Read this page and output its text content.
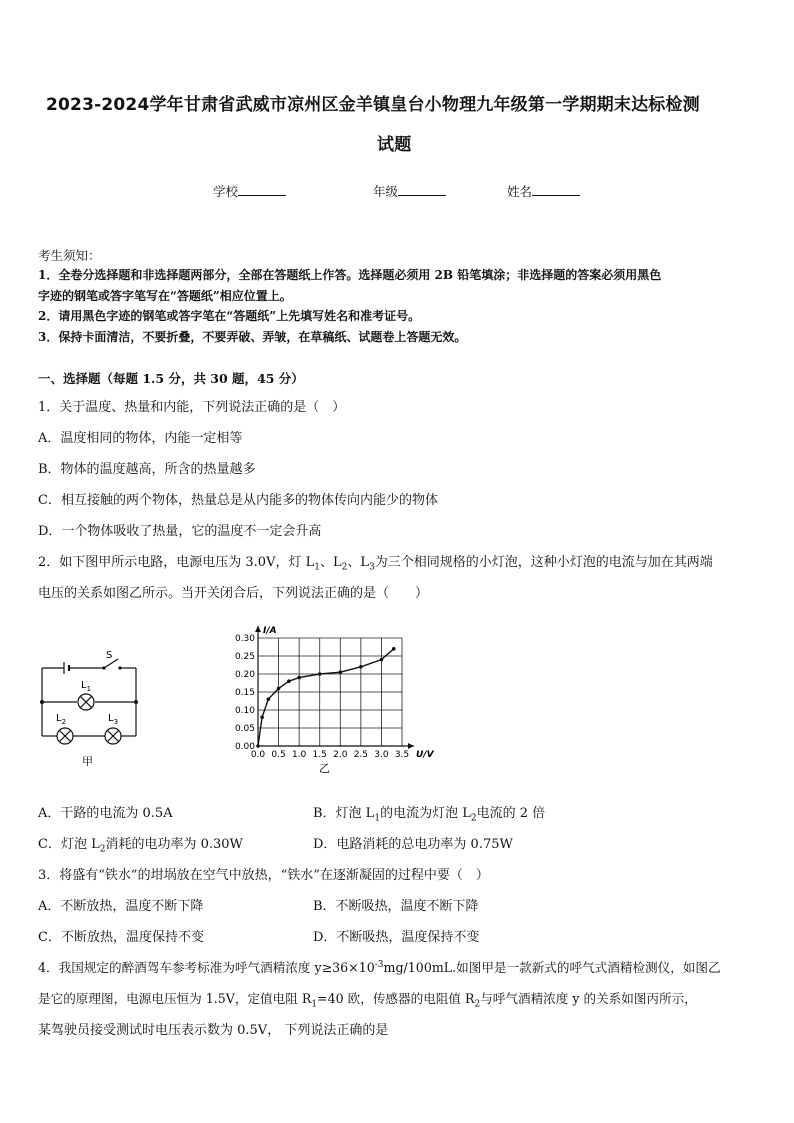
2023-2024学年甘肃省武威市凉州区金羊镇皇台小物理九年级第一学期期末达标检测
试题
学校	年级	姓名
考生须知：
1．全卷分选择题和非选择题两部分，全部在答题纸上作答。选择题必须用 2B 铅笔填涂；非选择题的答案必须用黑色
字迹的钢笔或答字笔写在“答题纸”相应位置上。
2．请用黑色字迹的钢笔或答字笔在“答题纸”上先填写姓名和准考证号。
3．保持卡面清洁，不要折叠，不要弄破、弄皱，在草稿纸、试题卷上答题无效。
一、选择题（每题 1.5 分，共 30 题，45 分）
1．关于温度、热量和内能，下列说法正确的是（　）
A．温度相同的物体，内能一定相等
B．物体的温度越高，所含的热量越多
C．相互接触的两个物体，热量总是从内能多的物体传向内能少的物体
D．一个物体吸收了热量，它的温度不一定会升高
2．如下图甲所示电路，电源电压为 3.0V，灯 $L_1$、$L_2$、$L_3$为三个相同规格的小灯泡，这种小灯泡的电流与加在其两端
电压的关系如图乙所示。当开关闭合后，下列说法正确的是（　　）
S
$L_1$
$L_2$	$L_3$
甲	0.0 0.5 1.0 1.5 2.0 2.5 3.0 3.5
0.00
0.05
0.10
0.15
0.20
0.25
0.30
I/A
U/V
乙
A．干路的电流为 0.5A	B．灯泡 $L_1$的电流为灯泡 $L_2$电流的 2 倍
C．灯泡 $L_2$消耗的电功率为 0.30W	D．电路消耗的总电功率为 0.75W
3．将盛有“铁水”的坩埚放在空气中放热，“铁水”在逐渐凝固的过程中要（　）
A．不断放热，温度不断下降	B．不断吸热，温度不断下降
C．不断放热，温度保持不变	D．不断吸热，温度保持不变
4．我国规定的醉酒驾车参考标准为呼气酒精浓度 $y\ge 36\times 10^{-3}mg/100mL$.如图甲是一款新式的呼气式酒精检测仪，如图乙
是它的原理图，电源电压恒为 1.5V，定值电阻 $R_1=40$ 欧，传感器的电阻值 $R_2$与呼气酒精浓度 y 的关系如图丙所示，
某驾驶员接受测试时电压表示数为 0.5V， 下列说法正确的是
